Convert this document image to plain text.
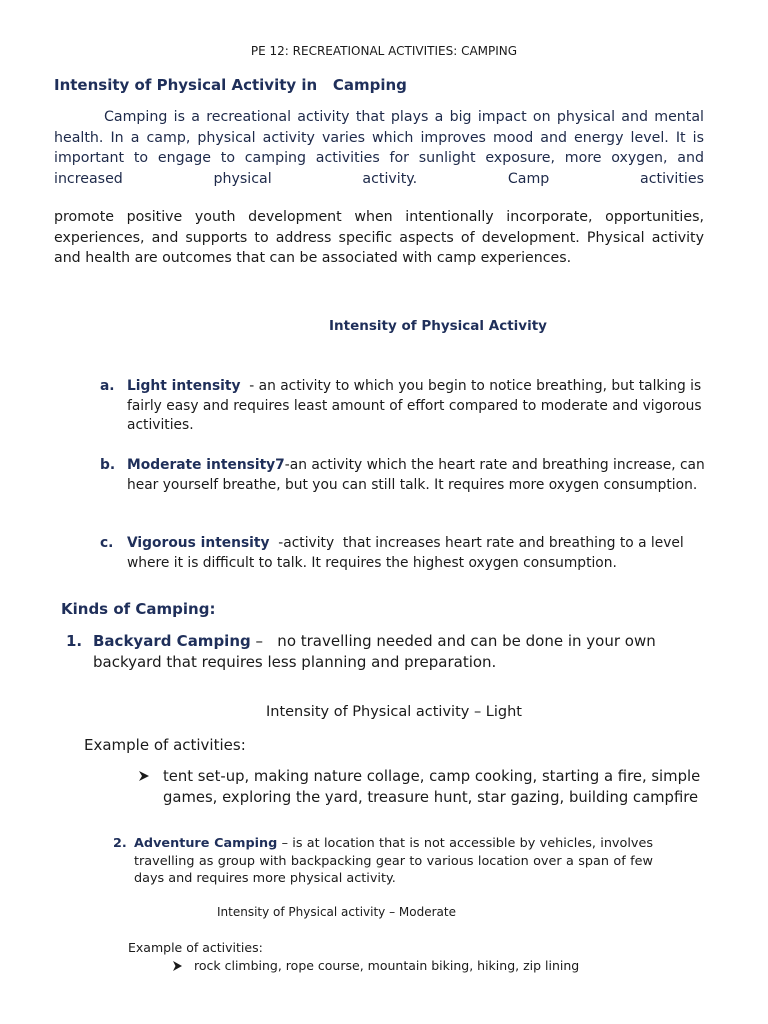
PE 12: RECREATIONAL ACTIVITIES: CAMPING
Intensity of Physical Activity in   Camping
Camping is a recreational activity that plays a big impact on physical and mental health. In a camp, physical activity varies which improves mood and energy level. It is important to engage to camping activities for sunlight exposure, more oxygen, and increased physical activity. Camp activities
promote positive youth development when intentionally incorporate, opportunities, experiences, and supports to address specific aspects of development. Physical activity and health are outcomes that can be associated with camp experiences.
Intensity of Physical Activity
a. Light intensity  - an activity to which you begin to notice breathing, but talking is fairly easy and requires least amount of effort compared to moderate and vigorous activities.
b. Moderate intensity7-an activity which the heart rate and breathing increase, can hear yourself breathe, but you can still talk. It requires more oxygen consumption.
c. Vigorous intensity  -activity  that increases heart rate and breathing to a level where it is difficult to talk. It requires the highest oxygen consumption.
Kinds of Camping:
1. Backyard Camping –   no travelling needed and can be done in your own backyard that requires less planning and preparation.
Intensity of Physical activity – Light
Example of activities:
tent set-up, making nature collage, camp cooking, starting a fire, simple games, exploring the yard, treasure hunt, star gazing, building campfire
2. Adventure Camping – is at location that is not accessible by vehicles, involves travelling as group with backpacking gear to various location over a span of few days and requires more physical activity.
Intensity of Physical activity – Moderate
Example of activities:
rock climbing, rope course, mountain biking, hiking, zip lining
